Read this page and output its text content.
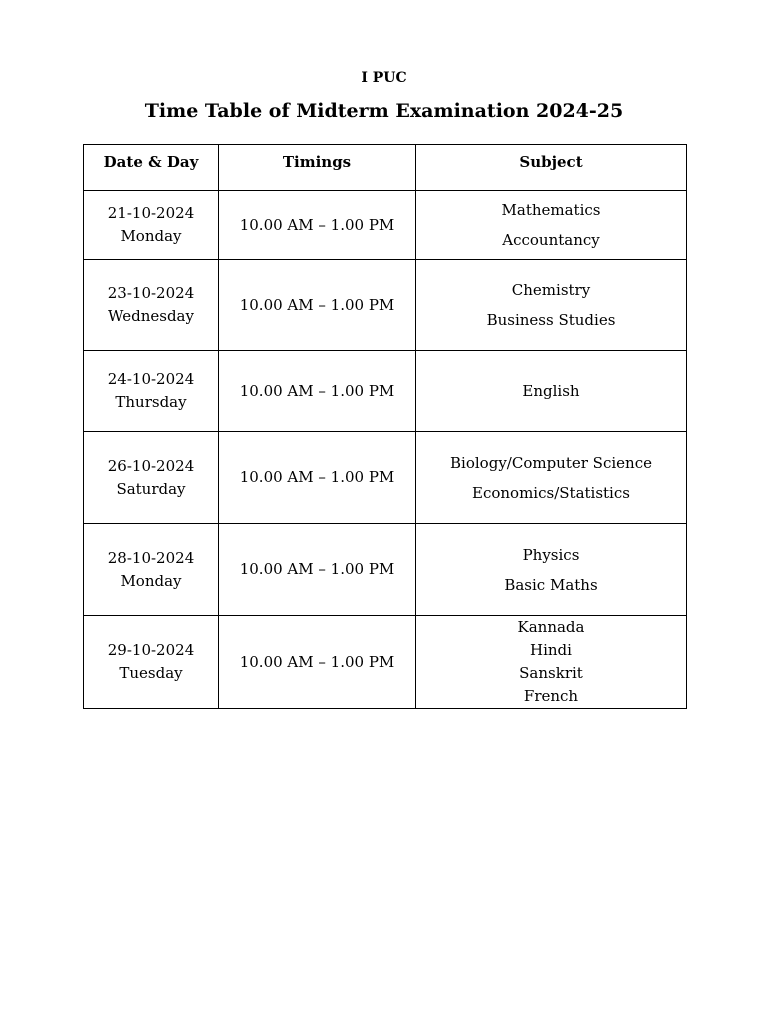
I PUC
Time Table of Midterm Examination 2024-25
Date & Day	Timings	Subject

21-10-2024
Monday	10.00 AM – 1.00 PM	Mathematics
Accountancy

23-10-2024
Wednesday	10.00 AM – 1.00 PM	Chemistry
Business Studies

24-10-2024
Thursday	10.00 AM – 1.00 PM	English

26-10-2024
Saturday	10.00 AM – 1.00 PM	Biology/Computer Science
Economics/Statistics

28-10-2024
Monday	10.00 AM – 1.00 PM	Physics
Basic Maths

29-10-2024
Tuesday	10.00 AM – 1.00 PM	Kannada
Hindi
Sanskrit
French
